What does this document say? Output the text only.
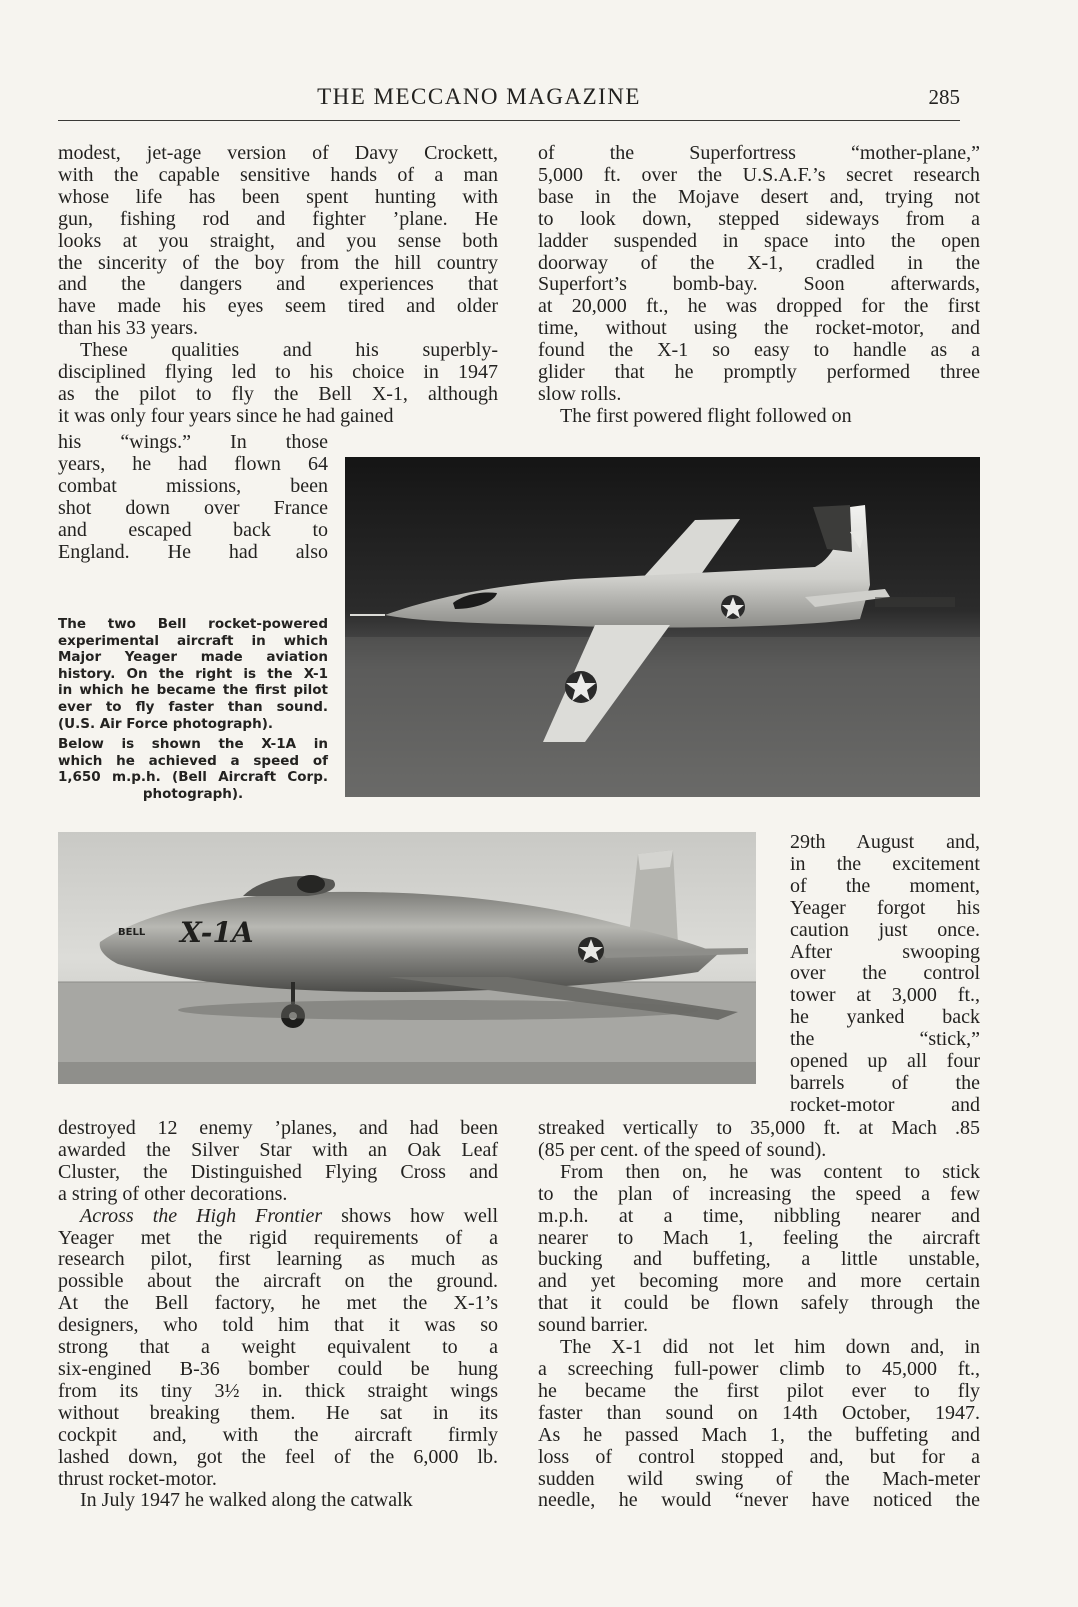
THE MECCANO MAGAZINE	285
modest, jet-age version of Davy Crockett,
with the capable sensitive hands of a man
whose life has been spent hunting with
gun, fishing rod and fighter ’plane. He
looks at you straight, and you sense both
the sincerity of the boy from the hill country
and the dangers and experiences that
have made his eyes seem tired and older
than his 33 years.
These qualities and his superbly-
disciplined flying led to his choice in 1947
as the pilot to fly the Bell X-1, although
it was only four years since he had gained
his “wings.” In those
years, he had flown 64
combat missions, been
shot down over France
and escaped back to
England. He had also

The two Bell rocket-powered
experimental aircraft in which
Major Yeager made aviation
history. On the right is the X-1
in which he became the first pilot
ever to fly faster than sound.
(U.S. Air Force photograph).

Below is shown the X-1A in
which he achieved a speed of
1,650 m.p.h. (Bell Aircraft Corp.
photograph).

of the Superfortress “mother-plane,”
5,000 ft. over the U.S.A.F.’s secret research
base in the Mojave desert and, trying not
to look down, stepped sideways from a
ladder suspended in space into the open
doorway of the X-1, cradled in the
Superfort’s bomb-bay. Soon afterwards,
at 20,000 ft., he was dropped for the first
time, without using the rocket-motor, and
found the X-1 so easy to handle as a
glider that he promptly performed three
slow rolls.
The first powered flight followed on
X-1A
BELL
29th August and,
in the excitement
of the moment,
Yeager forgot his
caution just once.
After swooping
over the control
tower at 3,000 ft.,
he yanked back
the “stick,”
opened up all four
barrels of the
rocket-motor and
destroyed 12 enemy ’planes, and had been
awarded the Silver Star with an Oak Leaf
Cluster, the Distinguished Flying Cross and
a string of other decorations.
Across the High Frontier shows how well
Yeager met the rigid requirements of a
research pilot, first learning as much as
possible about the aircraft on the ground.
At the Bell factory, he met the X-1’s
designers, who told him that it was so
strong that a weight equivalent to a
six-engined B-36 bomber could be hung
from its tiny 3½ in. thick straight wings
without breaking them. He sat in its
cockpit and, with the aircraft firmly
lashed down, got the feel of the 6,000 lb.
thrust rocket-motor.
In July 1947 he walked along the catwalk
streaked vertically to 35,000 ft. at Mach .85
(85 per cent. of the speed of sound).
From then on, he was content to stick
to the plan of increasing the speed a few
m.p.h. at a time, nibbling nearer and
nearer to Mach 1, feeling the aircraft
bucking and buffeting, a little unstable,
and yet becoming more and more certain
that it could be flown safely through the
sound barrier.
The X-1 did not let him down and, in
a screeching full-power climb to 45,000 ft.,
he became the first pilot ever to fly
faster than sound on 14th October, 1947.
As he passed Mach 1, the buffeting and
loss of control stopped and, but for a
sudden wild swing of the Mach-meter
needle, he would “never have noticed the
